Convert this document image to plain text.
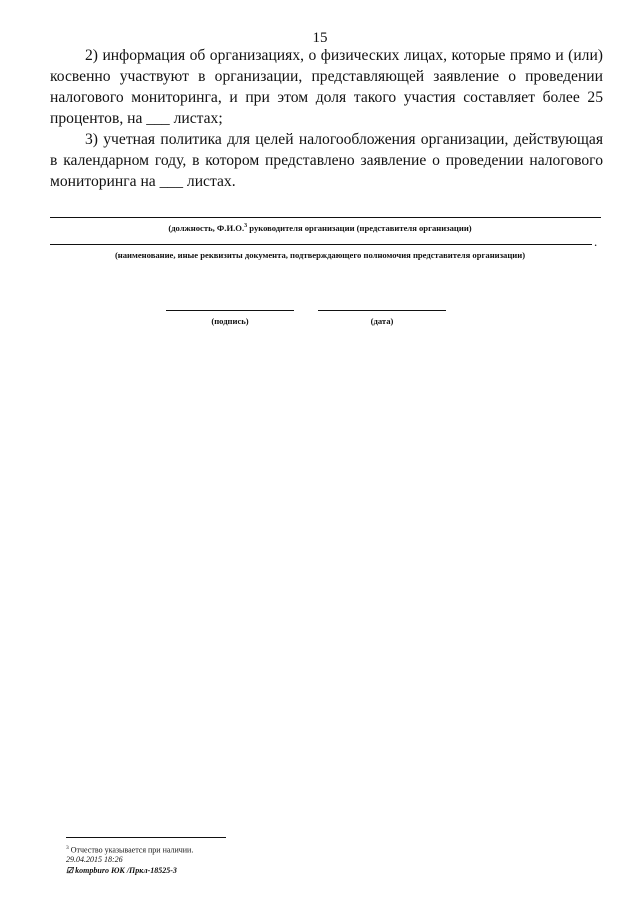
15

2) информация об организациях, о физических лицах, которые прямо и (или) косвенно участвуют в организации, представляющей заявление о проведении налогового мониторинга, и при этом доля такого участия составляет более 25 процентов, на ___ листах;

3) учетная политика для целей налогообложения организации, действующая в календарном году, в котором представлено заявление о проведении налогового мониторинга на ___ листах.

(должность, Ф.И.О.$^3$ руководителя организации (представителя организации)
.
(наименование, иные реквизиты документа, подтверждающего полномочия представителя организации)
(подпись)	(дата)
$^3$ Отчество указывается при наличии.
29.04.2015 18:26
☑ kompburo ЮК /Пркл-18525-3
